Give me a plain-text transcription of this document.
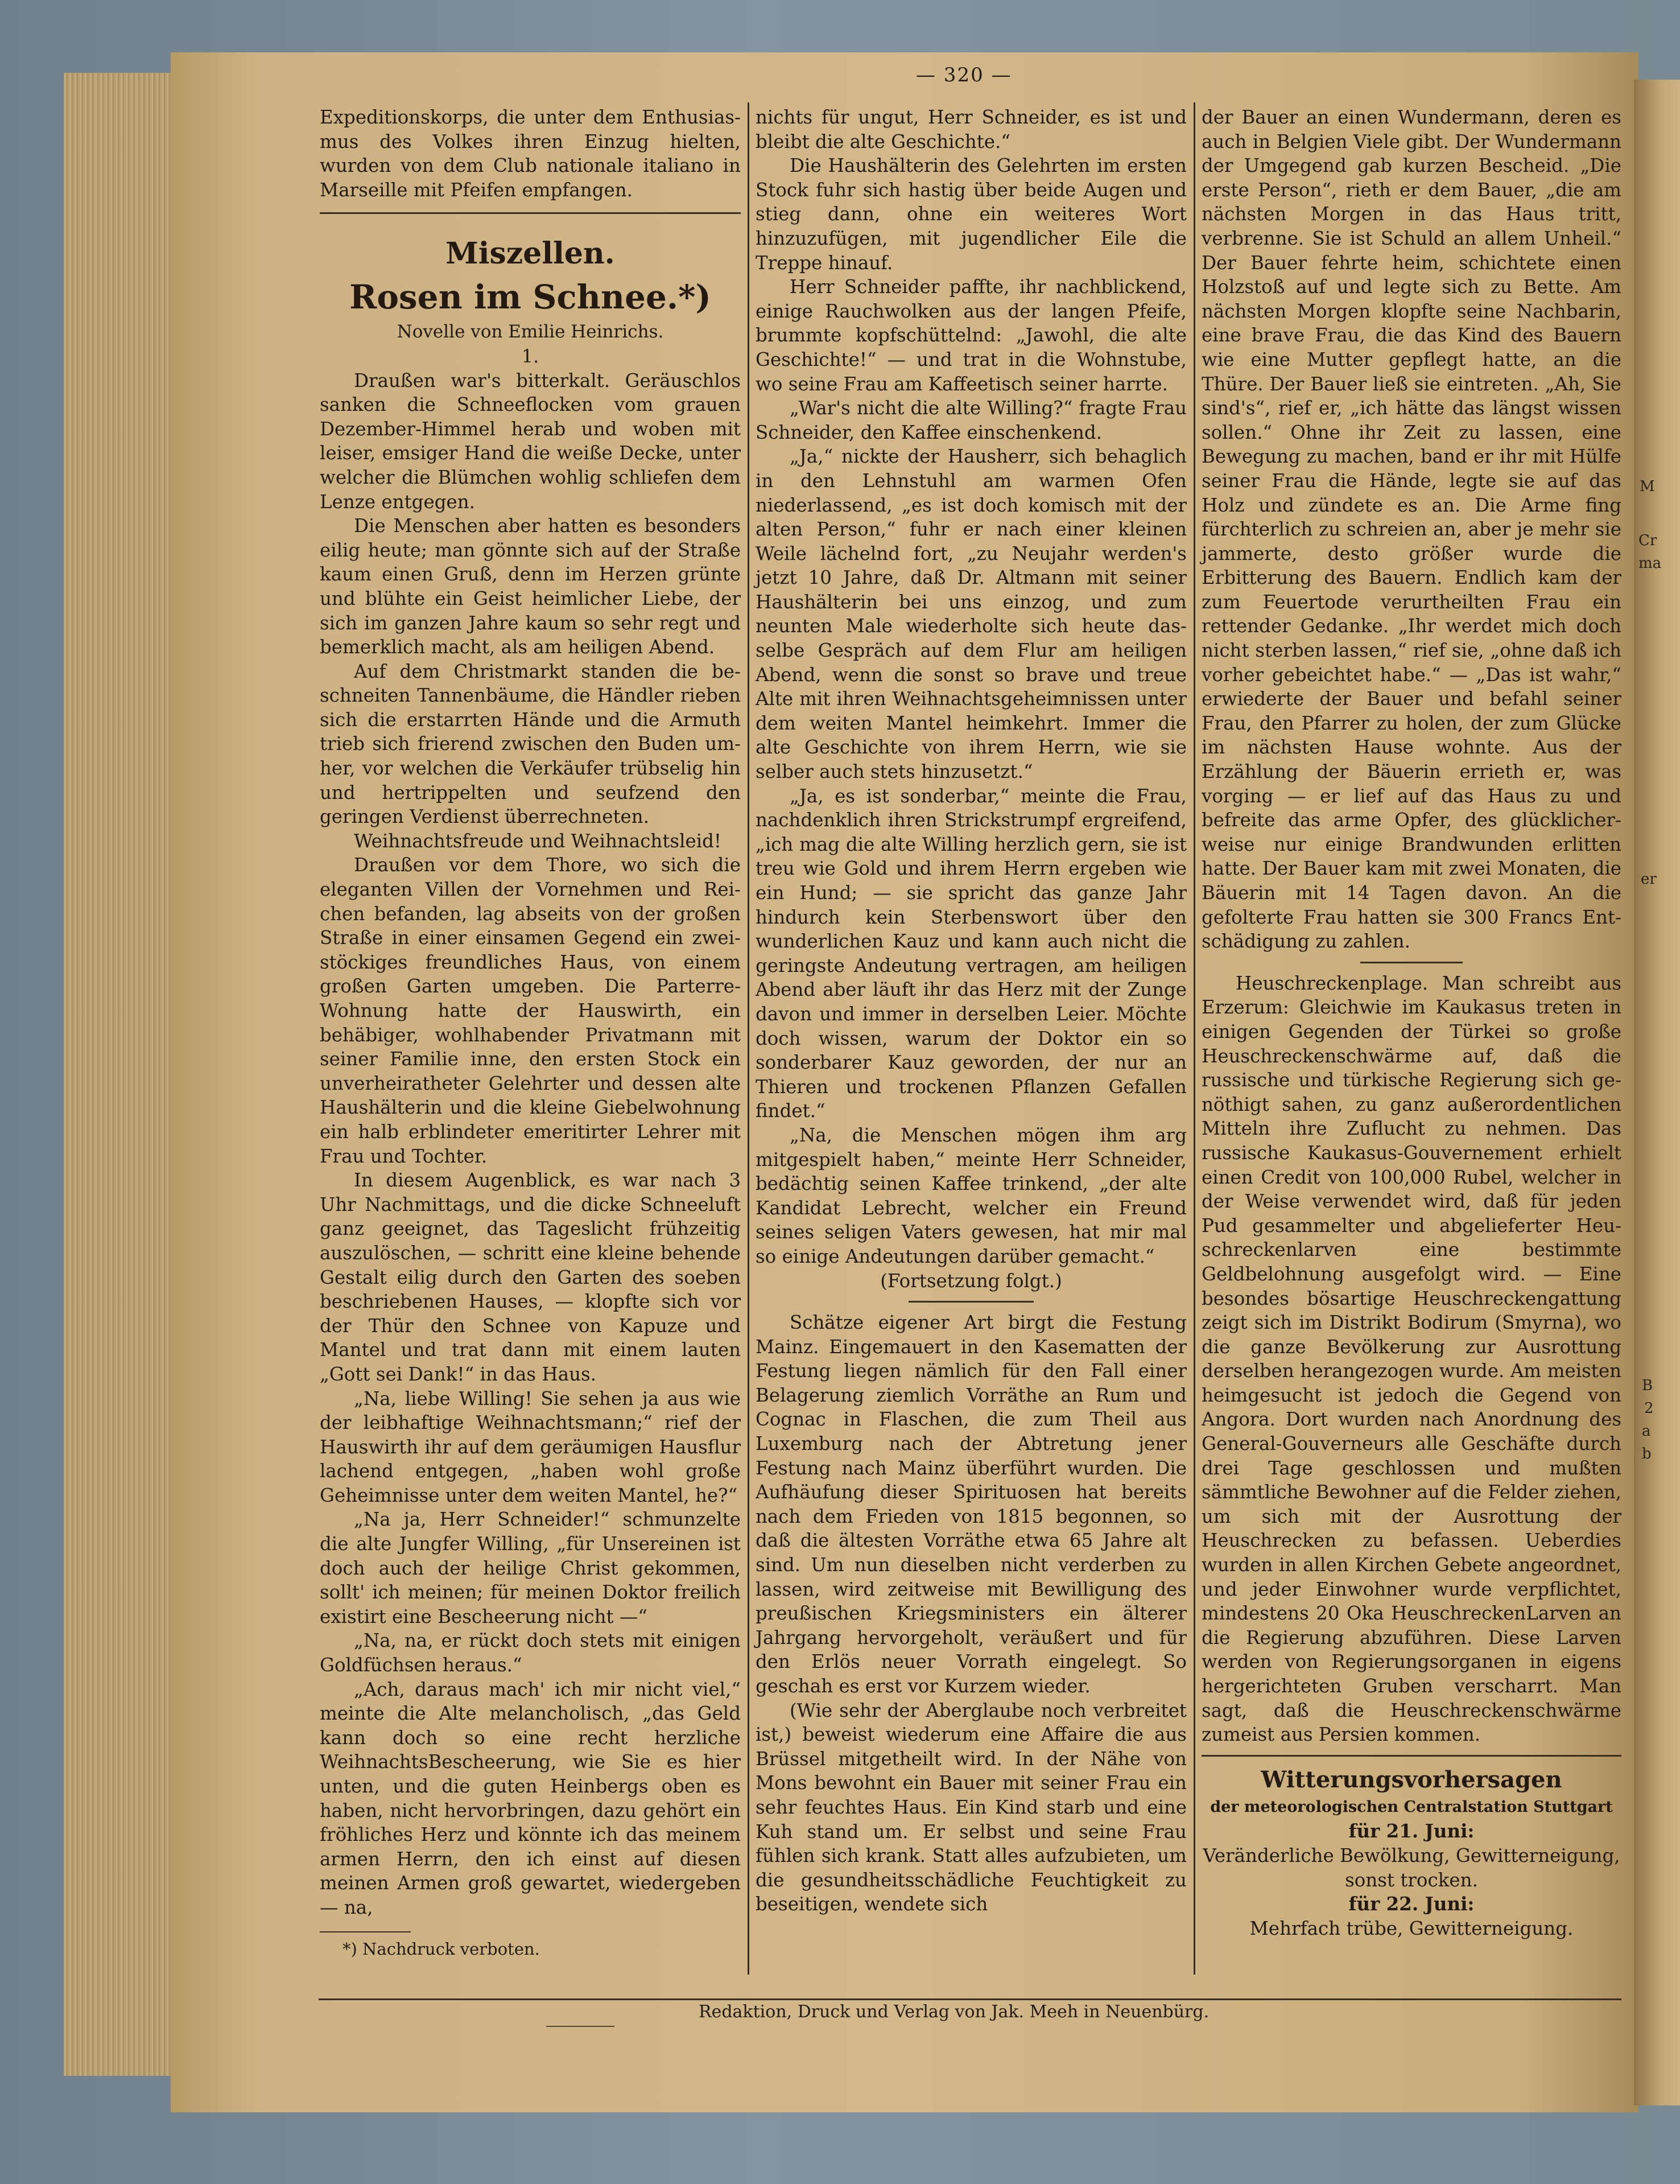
M
Cr
ma
er
B
2
a
b
— 320 —

Expeditionskorps, die unter dem Enthusiasmus des Volkes ihren Einzug hielten, wurden von dem Club nationale italiano in Marseille mit Pfeifen empfangen.

Miszellen.

Rosen im Schnee.*)

Novelle von Emilie Heinrichs.

1.

Draußen war's bitterkalt. Geräuschlos sanken die Schneeflocken vom grauen Dezember-Himmel herab und woben mit leiser, emsiger Hand die weiße Decke, unter welcher die Blümchen wohlig schliefen dem Lenze entgegen.

Die Menschen aber hatten es besonders eilig heute; man gönnte sich auf der Straße kaum einen Gruß, denn im Herzen grünte und blühte ein Geist heimlicher Liebe, der sich im ganzen Jahre kaum so sehr regt und bemerklich macht, als am heiligen Abend.

Auf dem Christmarkt standen die beschneiten Tannenbäume, die Händler rieben sich die erstarrten Hände und die Armuth trieb sich frierend zwischen den Buden umher, vor welchen die Verkäufer trübselig hin und hertrippelten und seufzend den geringen Verdienst überrechneten.

Weihnachtsfreude und Weihnachtsleid!

Draußen vor dem Thore, wo sich die eleganten Villen der Vornehmen und Reichen befanden, lag abseits von der großen Straße in einer einsamen Gegend ein zweistöckiges freundliches Haus, von einem großen Garten umgeben. Die Parterre-Wohnung hatte der Hauswirth, ein behäbiger, wohlhabender Privatmann mit seiner Familie inne, den ersten Stock ein unverheiratheter Gelehrter und dessen alte Haushälterin und die kleine Giebelwohnung ein halb erblindeter emeritirter Lehrer mit Frau und Tochter.

In diesem Augenblick, es war nach 3 Uhr Nachmittags, und die dicke Schneeluft ganz geeignet, das Tageslicht frühzeitig auszulöschen, — schritt eine kleine behende Gestalt eilig durch den Garten des soeben beschriebenen Hauses, — klopfte sich vor der Thür den Schnee von Kapuze und Mantel und trat dann mit einem lauten „Gott sei Dank!“ in das Haus.

„Na, liebe Willing! Sie sehen ja aus wie der leibhaftige Weihnachtsmann;“ rief der Hauswirth ihr auf dem geräumigen Hausflur lachend entgegen, „haben wohl große Geheimnisse unter dem weiten Mantel, he?“

„Na ja, Herr Schneider!“ schmunzelte die alte Jungfer Willing, „für Unsereinen ist doch auch der heilige Christ gekommen, sollt' ich meinen; für meinen Doktor freilich existirt eine Bescheerung nicht —“

„Na, na, er rückt doch stets mit einigen Goldfüchsen heraus.“

„Ach, daraus mach' ich mir nicht viel,“ meinte die Alte melancholisch, „das Geld kann doch so eine recht herzliche WeihnachtsBescheerung, wie Sie es hier unten, und die guten Heinbergs oben es haben, nicht hervorbringen, dazu gehört ein fröhliches Herz und könnte ich das meinem armen Herrn, den ich einst auf diesen meinen Armen groß gewartet, wiedergeben — na,

*) Nachdruck verboten.

nichts für ungut, Herr Schneider, es ist und bleibt die alte Geschichte.“

Die Haushälterin des Gelehrten im ersten Stock fuhr sich hastig über beide Augen und stieg dann, ohne ein weiteres Wort hinzuzufügen, mit jugendlicher Eile die Treppe hinauf.

Herr Schneider paffte, ihr nachblickend, einige Rauchwolken aus der langen Pfeife, brummte kopfschüttelnd: „Jawohl, die alte Geschichte!“ — und trat in die Wohnstube, wo seine Frau am Kaffeetisch seiner harrte.

„War's nicht die alte Willing?“ fragte Frau Schneider, den Kaffee einschenkend.

„Ja,“ nickte der Hausherr, sich behaglich in den Lehnstuhl am warmen Ofen niederlassend, „es ist doch komisch mit der alten Person,“ fuhr er nach einer kleinen Weile lächelnd fort, „zu Neujahr werden's jetzt 10 Jahre, daß Dr. Altmann mit seiner Haushälterin bei uns einzog, und zum neunten Male wiederholte sich heute dasselbe Gespräch auf dem Flur am heiligen Abend, wenn die sonst so brave und treue Alte mit ihren Weihnachtsgeheimnissen unter dem weiten Mantel heimkehrt. Immer die alte Geschichte von ihrem Herrn, wie sie selber auch stets hinzusetzt.“

„Ja, es ist sonderbar,“ meinte die Frau, nachdenklich ihren Strickstrumpf ergreifend, „ich mag die alte Willing herzlich gern, sie ist treu wie Gold und ihrem Herrn ergeben wie ein Hund; — sie spricht das ganze Jahr hindurch kein Sterbenswort über den wunderlichen Kauz und kann auch nicht die geringste Andeutung vertragen, am heiligen Abend aber läuft ihr das Herz mit der Zunge davon und immer in derselben Leier. Möchte doch wissen, warum der Doktor ein so sonderbarer Kauz geworden, der nur an Thieren und trockenen Pflanzen Gefallen findet.“

„Na, die Menschen mögen ihm arg mitgespielt haben,“ meinte Herr Schneider, bedächtig seinen Kaffee trinkend, „der alte Kandidat Lebrecht, welcher ein Freund seines seligen Vaters gewesen, hat mir mal so einige Andeutungen darüber gemacht.“

(Fortsetzung folgt.)

Schätze eigener Art birgt die Festung Mainz. Eingemauert in den Kasematten der Festung liegen nämlich für den Fall einer Belagerung ziemlich Vorräthe an Rum und Cognac in Flaschen, die zum Theil aus Luxemburg nach der Abtretung jener Festung nach Mainz überführt wurden. Die Aufhäufung dieser Spirituosen hat bereits nach dem Frieden von 1815 begonnen, so daß die ältesten Vorräthe etwa 65 Jahre alt sind. Um nun dieselben nicht verderben zu lassen, wird zeitweise mit Bewilligung des preußischen Kriegsministers ein älterer Jahrgang hervorgeholt, veräußert und für den Erlös neuer Vorrath eingelegt. So geschah es erst vor Kurzem wieder.

(Wie sehr der Aberglaube noch verbreitet ist,) beweist wiederum eine Affaire die aus Brüssel mitgetheilt wird. In der Nähe von Mons bewohnt ein Bauer mit seiner Frau ein sehr feuchtes Haus. Ein Kind starb und eine Kuh stand um. Er selbst und seine Frau fühlen sich krank. Statt alles aufzubieten, um die gesundheitsschädliche Feuchtigkeit zu beseitigen, wendete sich

der Bauer an einen Wundermann, deren es auch in Belgien Viele gibt. Der Wundermann der Umgegend gab kurzen Bescheid. „Die erste Person“, rieth er dem Bauer, „die am nächsten Morgen in das Haus tritt, verbrenne. Sie ist Schuld an allem Unheil.“ Der Bauer fehrte heim, schichtete einen Holzstoß auf und legte sich zu Bette. Am nächsten Morgen klopfte seine Nachbarin, eine brave Frau, die das Kind des Bauern wie eine Mutter gepflegt hatte, an die Thüre. Der Bauer ließ sie eintreten. „Ah, Sie sind's“, rief er, „ich hätte das längst wissen sollen.“ Ohne ihr Zeit zu lassen, eine Bewegung zu machen, band er ihr mit Hülfe seiner Frau die Hände, legte sie auf das Holz und zündete es an. Die Arme fing fürchterlich zu schreien an, aber je mehr sie jammerte, desto größer wurde die Erbitterung des Bauern. Endlich kam der zum Feuertode verurtheilten Frau ein rettender Gedanke. „Ihr werdet mich doch nicht sterben lassen,“ rief sie, „ohne daß ich vorher gebeichtet habe.“ — „Das ist wahr,“ erwiederte der Bauer und befahl seiner Frau, den Pfarrer zu holen, der zum Glücke im nächsten Hause wohnte. Aus der Erzählung der Bäuerin errieth er, was vorging — er lief auf das Haus zu und befreite das arme Opfer, des glücklicherweise nur einige Brandwunden erlitten hatte. Der Bauer kam mit zwei Monaten, die Bäuerin mit 14 Tagen davon. An die gefolterte Frau hatten sie 300 Francs Entschädigung zu zahlen.

Heuschreckenplage. Man schreibt aus Erzerum: Gleichwie im Kaukasus treten in einigen Gegenden der Türkei so große Heuschreckenschwärme auf, daß die russische und türkische Regierung sich genöthigt sahen, zu ganz außerordentlichen Mitteln ihre Zuflucht zu nehmen. Das russische Kaukasus-Gouvernement erhielt einen Credit von 100,000 Rubel, welcher in der Weise verwendet wird, daß für jeden Pud gesammelter und abgelieferter Heuschreckenlarven eine bestimmte Geldbelohnung ausgefolgt wird. — Eine besondes bösartige Heuschreckengattung zeigt sich im Distrikt Bodirum (Smyrna), wo die ganze Bevölkerung zur Ausrottung derselben herangezogen wurde. Am meisten heimgesucht ist jedoch die Gegend von Angora. Dort wurden nach Anordnung des General-Gouverneurs alle Geschäfte durch drei Tage geschlossen und mußten sämmtliche Bewohner auf die Felder ziehen, um sich mit der Ausrottung der Heuschrecken zu befassen. Ueberdies wurden in allen Kirchen Gebete angeordnet, und jeder Einwohner wurde verpflichtet, mindestens 20 Oka HeuschreckenLarven an die Regierung abzuführen. Diese Larven werden von Regierungsorganen in eigens hergerichteten Gruben verscharrt. Man sagt, daß die Heuschreckenschwärme zumeist aus Persien kommen.

Witterungsvorhersagen

der meteorologischen Centralstation Stuttgart

für 21. Juni:

Veränderliche Bewölkung, Gewitterneigung, sonst trocken.

für 22. Juni:

Mehrfach trübe, Gewitterneigung.

Redaktion, Druck und Verlag von Jak. Meeh in Neuenbürg.
